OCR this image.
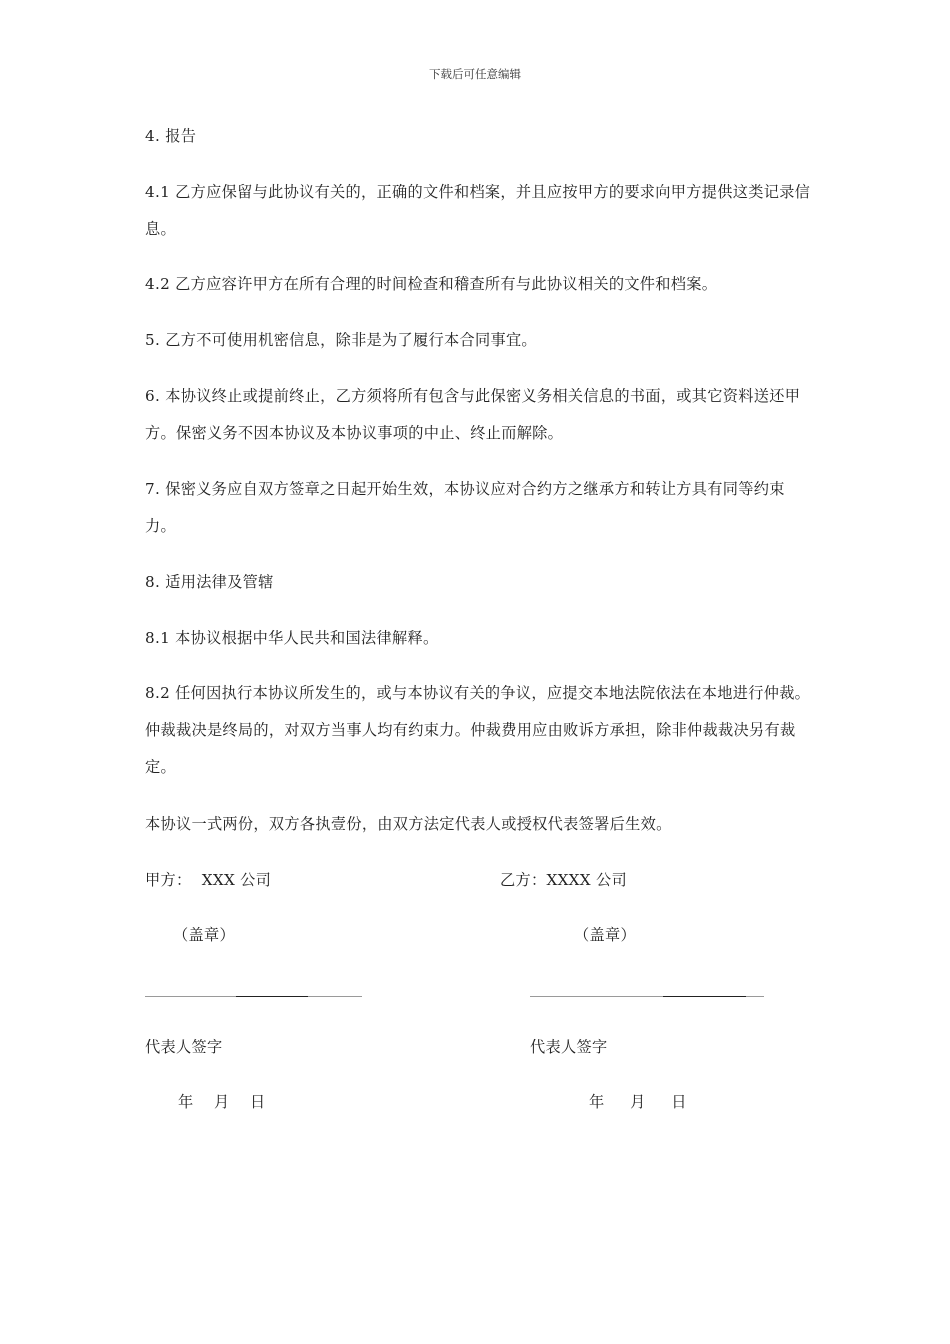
下载后可任意编辑

4. 报告

4.1 乙方应保留与此协议有关的，正确的文件和档案，并且应按甲方的要求向甲方提供这类记录信息。

4.2 乙方应容许甲方在所有合理的时间检查和稽查所有与此协议相关的文件和档案。

5. 乙方不可使用机密信息，除非是为了履行本合同事宜。

6. 本协议终止或提前终止，乙方须将所有包含与此保密义务相关信息的书面，或其它资料送还甲方。保密义务不因本协议及本协议事项的中止、终止而解除。

7. 保密义务应自双方签章之日起开始生效，本协议应对合约方之继承方和转让方具有同等约束力。

8. 适用法律及管辖

8.1 本协议根据中华人民共和国法律解释。

8.2 任何因执行本协议所发生的，或与本协议有关的争议，应提交本地法院依法在本地进行仲裁。仲裁裁决是终局的，对双方当事人均有约束力。仲裁费用应由败诉方承担，除非仲裁裁决另有裁定。

本协议一式两份，双方各执壹份，由双方法定代表人或授权代表签署后生效。

甲方：  XXX 公司	乙方：XXXX 公司
（盖章）	（盖章）
代表人签字	代表人签字
年    月    日	年     月     日
